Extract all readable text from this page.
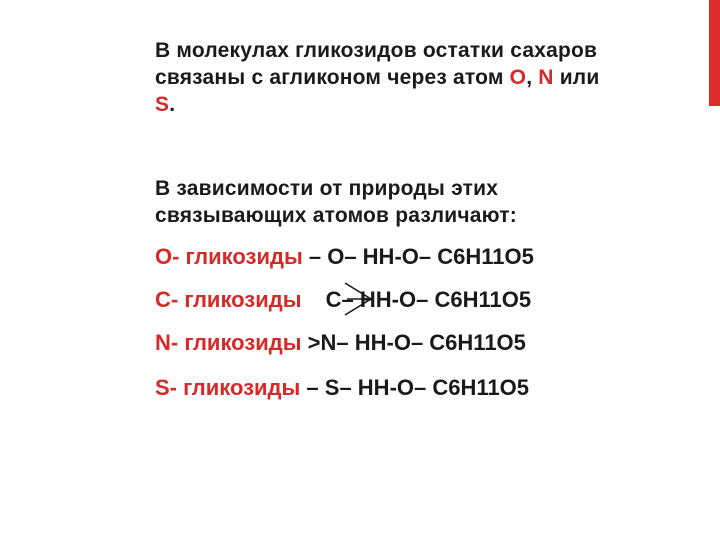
В молекулах гликозидов остатки сахаров
связаны с агликоном через атом O, N или
S.
В зависимости от природы этих
связывающих атомов различают:
O- гликозиды – O– HH-O– C6H11O5
C- гликозиды C– HH-O– C6H11O5
N- гликозиды >N– HH-O– C6H11O5
S- гликозиды – S– HH-O– C6H11O5
